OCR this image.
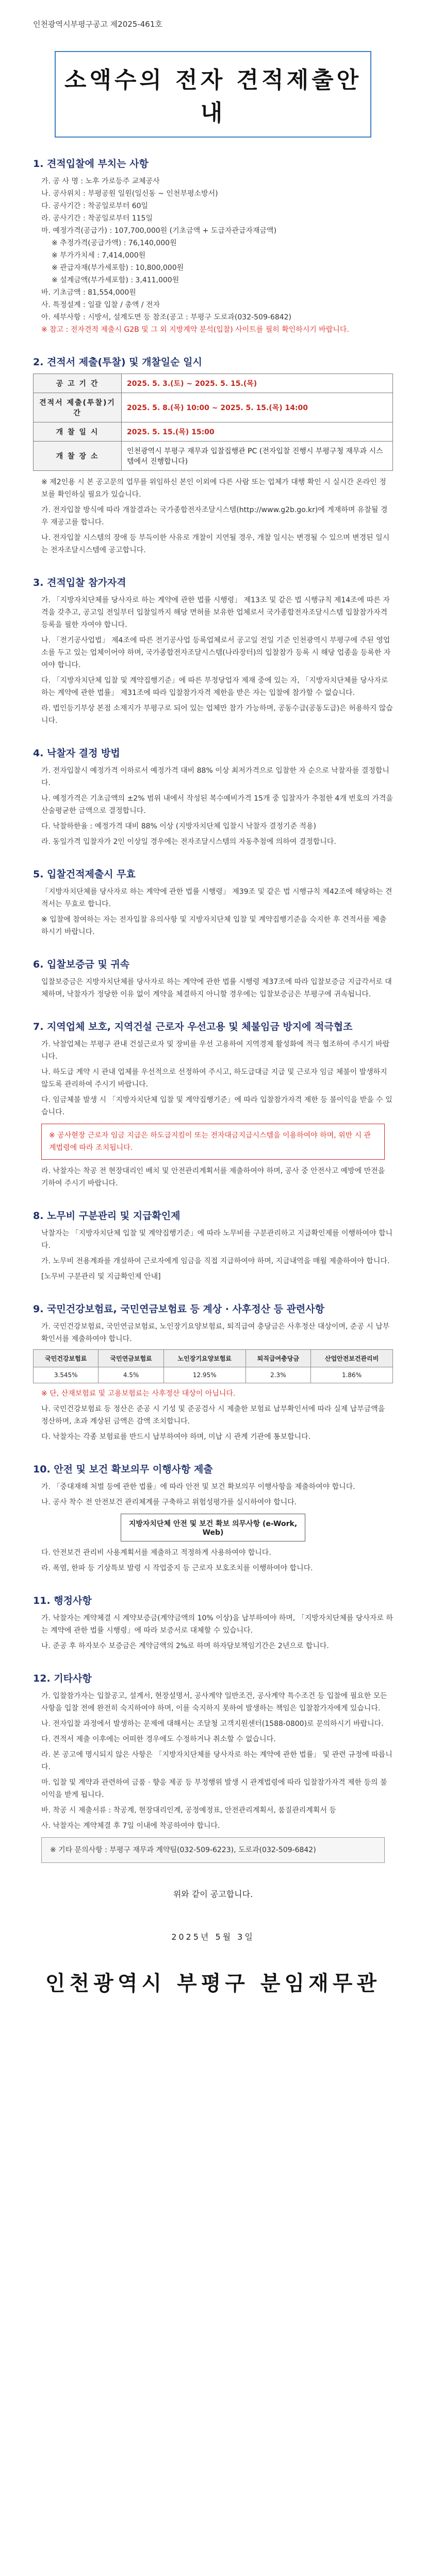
인천광역시부평구공고 제2025-461호
소액수의 전자 견적제출안내
1. 견적입찰에 부치는 사항

가. 공 사 명 : 노후 가로등주 교체공사

나. 공사위치 : 부평공원 일원(일신동 ~ 인천부평소방서)

다. 공사기간 : 착공일로부터 60일

라. 공사기간 : 착공일로부터 115일

마. 예정가격(공급가) : 107,700,000원 (기초금액 + 도급자관급자재금액)

※ 추정가격(공급가액) : 76,140,000원

※ 부가가치세 : 7,414,000원

※ 관급자재(부가세포함) : 10,800,000원

※ 설계금액(부가세포함) : 3,411,000원

바. 기초금액 : 81,554,000원

사. 특정설계 : 일괄 입찰 / 총액 / 전자

아. 세부사항 : 시방서, 설계도면 등 참조(공고 : 부평구 도로과(032-509-6842)

※ 참고 : 전자견적 제출시 G2B 및 그 외 지방계약 분석(입찰) 사이트를 필히 확인하시기 바랍니다.

2. 견적서 제출(투찰) 및 개찰일순 일시
공 고 기 간	2025. 5. 3.(토) ~ 2025. 5. 15.(목)
견적서 제출(투찰)기간	2025. 5. 8.(목) 10:00 ~ 2025. 5. 15.(목) 14:00
개 찰 일 시	2025. 5. 15.(목) 15:00
개 찰 장 소	인천광역시 부평구 재무과 입찰집행관 PC (전자입찰 진행시 부평구청 재무과 시스템에서 진행합니다)

※ 제2인용 시 본 공고문의 업무를 위임하신 본인 이외에 다른 사람 또는 업체가 대행 확인 시 실시간 온라인 정보를 확인하실 필요가 있습니다.

가. 전자입찰 방식에 따라 개찰결과는 국가종합전자조달시스템(http://www.g2b.go.kr)에 게재하며 유찰될 경우 재공고를 합니다.

나. 전자입찰 시스템의 장애 등 부득이한 사유로 개찰이 지연될 경우, 개찰 일시는 변경될 수 있으며 변경된 일시는 전자조달시스템에 공고합니다.

3. 견적입찰 참가자격

가. 「지방자치단체를 당사자로 하는 계약에 관한 법률 시행령」 제13조 및 같은 법 시행규칙 제14조에 따른 자격을 갖추고, 공고일 전일부터 입찰일까지 해당 면허를 보유한 업체로서 국가종합전자조달시스템 입찰참가자격 등록을 필한 자여야 합니다.

나. 「전기공사업법」 제4조에 따른 전기공사업 등록업체로서 공고일 전일 기준 인천광역시 부평구에 주된 영업소를 두고 있는 업체이어야 하며, 국가종합전자조달시스템(나라장터)의 입찰참가 등록 시 해당 업종을 등록한 자여야 합니다.

다. 「지방자치단체 입찰 및 계약집행기준」에 따른 부정당업자 제재 중에 있는 자, 「지방자치단체를 당사자로 하는 계약에 관한 법률」 제31조에 따라 입찰참가자격 제한을 받은 자는 입찰에 참가할 수 없습니다.

라. 법인등기부상 본점 소재지가 부평구로 되어 있는 업체만 참가 가능하며, 공동수급(공동도급)은 허용하지 않습니다.

4. 낙찰자 결정 방법

가. 전자입찰시 예정가격 이하로서 예정가격 대비 88% 이상 최저가격으로 입찰한 자 순으로 낙찰자를 결정합니다.

나. 예정가격은 기초금액의 ±2% 범위 내에서 작성된 복수예비가격 15개 중 입찰자가 추첨한 4개 번호의 가격을 산술평균한 금액으로 결정합니다.

다. 낙찰하한율 : 예정가격 대비 88% 이상 (지방자치단체 입찰시 낙찰자 결정기준 적용)

라. 동일가격 입찰자가 2인 이상일 경우에는 전자조달시스템의 자동추첨에 의하여 결정합니다.

5. 입찰건적제출시 무효

「지방자치단체를 당사자로 하는 계약에 관한 법률 시행령」 제39조 및 같은 법 시행규칙 제42조에 해당하는 견적서는 무효로 합니다.

※ 입찰에 참여하는 자는 전자입찰 유의사항 및 지방자치단체 입찰 및 계약집행기준을 숙지한 후 견적서를 제출하시기 바랍니다.

6. 입찰보증금 및 귀속

입찰보증금은 지방자치단체를 당사자로 하는 계약에 관한 법률 시행령 제37조에 따라 입찰보증금 지급각서로 대체하며, 낙찰자가 정당한 이유 없이 계약을 체결하지 아니할 경우에는 입찰보증금은 부평구에 귀속됩니다.

7. 지역업체 보호, 지역건설 근로자 우선고용 및 체불임금 방지에 적극협조

가. 낙찰업체는 부평구 관내 건설근로자 및 장비를 우선 고용하여 지역경제 활성화에 적극 협조하여 주시기 바랍니다.

나. 하도급 계약 시 관내 업체를 우선적으로 선정하여 주시고, 하도급대금 지급 및 근로자 임금 체불이 발생하지 않도록 관리하여 주시기 바랍니다.

다. 임금체불 발생 시 「지방자치단체 입찰 및 계약집행기준」에 따라 입찰참가자격 제한 등 불이익을 받을 수 있습니다.

※ 공사현장 근로자 임금 지급은 하도급지킴이 또는 전자대금지급시스템을 이용하여야 하며, 위반 시 관계법령에 따라 조치됩니다.

라. 낙찰자는 착공 전 현장대리인 배치 및 안전관리계획서를 제출하여야 하며, 공사 중 안전사고 예방에 만전을 기하여 주시기 바랍니다.

8. 노무비 구분관리 및 지급확인제

낙찰자는 「지방자치단체 입찰 및 계약집행기준」에 따라 노무비를 구분관리하고 지급확인제를 이행하여야 합니다.

가. 노무비 전용계좌를 개설하여 근로자에게 임금을 직접 지급하여야 하며, 지급내역을 매월 제출하여야 합니다.

[노무비 구분관리 및 지급확인제 안내]

9. 국민건강보험료, 국민연금보험료 등 계상 · 사후정산 등 관련사항

가. 국민건강보험료, 국민연금보험료, 노인장기요양보험료, 퇴직급여 충당금은 사후정산 대상이며, 준공 시 납부확인서를 제출하여야 합니다.

국민건강보험료	국민연금보험료	노인장기요양보험료	퇴직급여충당금	산업안전보건관리비
3.545%	4.5%	12.95%	2.3%	1.86%

※ 단, 산재보험료 및 고용보험료는 사후정산 대상이 아닙니다.

나. 국민건강보험료 등 정산은 준공 시 기성 및 준공검사 시 제출한 보험료 납부확인서에 따라 실제 납부금액을 정산하며, 초과 계상된 금액은 감액 조치합니다.

다. 낙찰자는 각종 보험료를 반드시 납부하여야 하며, 미납 시 관계 기관에 통보합니다.

10. 안전 및 보건 확보의무 이행사항 제출

가. 「중대재해 처벌 등에 관한 법률」에 따라 안전 및 보건 확보의무 이행사항을 제출하여야 합니다.

나. 공사 착수 전 안전보건 관리체계를 구축하고 위험성평가를 실시하여야 합니다.

지방자치단체 안전 및 보건 확보 의무사항 (e-Work, Web)

다. 안전보건 관리비 사용계획서를 제출하고 적정하게 사용하여야 합니다.

라. 폭염, 한파 등 기상특보 발령 시 작업중지 등 근로자 보호조치를 이행하여야 합니다.

11. 행정사항

가. 낙찰자는 계약체결 시 계약보증금(계약금액의 10% 이상)을 납부하여야 하며, 「지방자치단체를 당사자로 하는 계약에 관한 법률 시행령」에 따라 보증서로 대체할 수 있습니다.

나. 준공 후 하자보수 보증금은 계약금액의 2%로 하며 하자담보책임기간은 2년으로 합니다.

12. 기타사항

가. 입찰참가자는 입찰공고, 설계서, 현장설명서, 공사계약 일반조건, 공사계약 특수조건 등 입찰에 필요한 모든 사항을 입찰 전에 완전히 숙지하여야 하며, 이를 숙지하지 못하여 발생하는 책임은 입찰참가자에게 있습니다.

나. 전자입찰 과정에서 발생하는 문제에 대해서는 조달청 고객지원센터(1588-0800)로 문의하시기 바랍니다.

다. 견적서 제출 이후에는 어떠한 경우에도 수정하거나 취소할 수 없습니다.

라. 본 공고에 명시되지 않은 사항은 「지방자치단체를 당사자로 하는 계약에 관한 법률」 및 관련 규정에 따릅니다.

마. 입찰 및 계약과 관련하여 금품 · 향응 제공 등 부정행위 발생 시 관계법령에 따라 입찰참가자격 제한 등의 불이익을 받게 됩니다.

바. 착공 시 제출서류 : 착공계, 현장대리인계, 공정예정표, 안전관리계획서, 품질관리계획서 등

사. 낙찰자는 계약체결 후 7일 이내에 착공하여야 합니다.

※ 기타 문의사항 : 부평구 재무과 계약팀(032-509-6223), 도로과(032-509-6842)
위와 같이 공고합니다.
2025년 5월 3일
인천광역시 부평구 분임재무관
